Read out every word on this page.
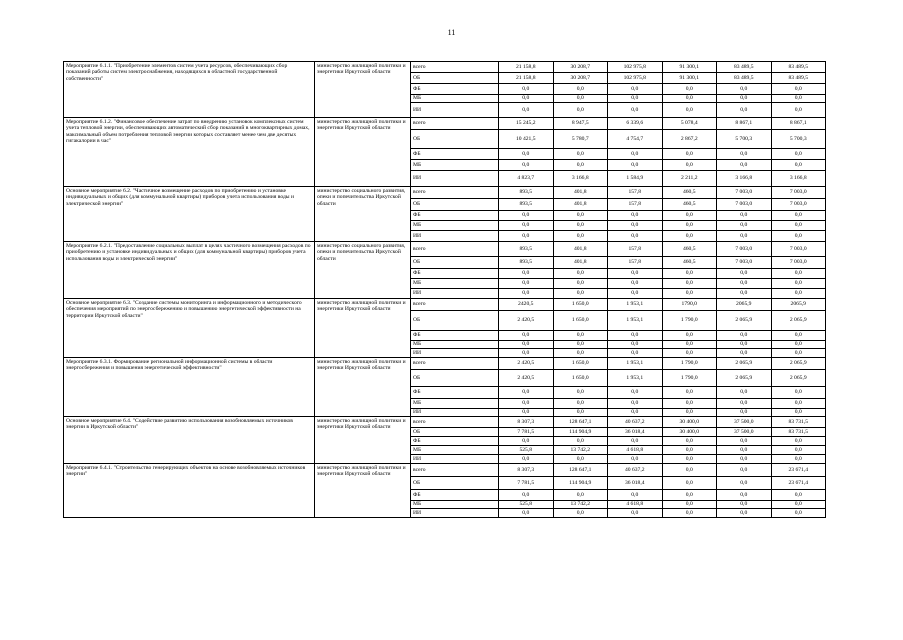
11
Мероприятие 6.1.1. "Приобретение элементов систем учета ресурсов, обеспечивающих сбор показаний работы систем электроснабжения, находящихся в областной государственной собственности"	министерство жилищной политики и энергетики Иркутской области	всего	21 158,8	30 208,7	102 975,8	91 300,1	83 489,5	83 489,5
		ОБ	21 158,8	30 208,7	102 975,8	91 300,1	83 489,5	83 489,5
		ФБ	0,0	0,0	0,0	0,0	0,0	0,0
		МБ	0,0	0,0	0,0	0,0	0,0	0,0
		ИИ	0,0	0,0	0,0	0,0	0,0	0,0
Мероприятие 6.1.2. "Финансовое обеспечение затрат по внедрению установок комплексных систем учета тепловой энергии, обеспечивающих автоматический сбор показаний в многоквартирных домах, максимальный объем потребления тепловой энергии которых составляет менее чем две десятых гигакалории в час"	министерство жилищной политики и энергетики Иркутской области	всего	15 245,2	8 947,5	6 339,6	5 078,4	8 867,1	8 867,1
		ОБ	10 421,5	5 780,7	4 754,7	2 867,2	5 700,3	5 700,3
		ФБ	0,0	0,0	0,0	0,0	0,0	0,0
		МБ	0,0	0,0	0,0	0,0	0,0	0,0
		ИИ	4 823,7	3 166,8	1 584,9	2 211,2	3 166,8	3 166,8
Основное мероприятие 6.2. "Частичное возмещение расходов по приобретению и установке индивидуальных и общих (для коммунальной квартиры) приборов учета использования воды и электрической энергии"	министерство социального развития, опеки и попечительства Иркутской области	всего	893,5	401,8	157,8	460,5	7 003,0	7 003,0
		ОБ	893,5	401,8	157,8	460,5	7 003,0	7 003,0
		ФБ	0,0	0,0	0,0	0,0	0,0	0,0
		МБ	0,0	0,0	0,0	0,0	0,0	0,0
		ИИ	0,0	0,0	0,0	0,0	0,0	0,0
Мероприятие 6.2.1. "Предоставление социальных выплат в целях частичного возмещения расходов по приобретению и установке индивидуальных и общих (для коммунальной квартиры) приборов учета использования воды и электрической энергии"	министерство социального развития, опеки и попечительства Иркутской области	всего	893,5	401,8	157,8	460,5	7 003,0	7 003,0
		ОБ	893,5	401,8	157,8	460,5	7 003,0	7 003,0
		ФБ	0,0	0,0	0,0	0,0	0,0	0,0
		МБ	0,0	0,0	0,0	0,0	0,0	0,0
		ИИ	0,0	0,0	0,0	0,0	0,0	0,0
Основное мероприятие 6.3. "Создание системы мониторинга и информационного и методического обеспечения мероприятий по энергосбережению и повышению энергетической эффективности на территории Иркутской области"	министерство жилищной политики и энергетики Иркутской области	всего	2420,5	1 650,0	1 953,1	1790,0	2065,9	2065,9
		ОБ	2 420,5	1 650,0	1 953,1	1 790,0	2 065,9	2 065,9
		ФБ	0,0	0,0	0,0	0,0	0,0	0,0
		МБ	0,0	0,0	0,0	0,0	0,0	0,0
		ИИ	0,0	0,0	0,0	0,0	0,0	0,0
Мероприятие 6.3.1. Формирование региональной информационной системы в области энергосбережения и повышения энергетической эффективности"	министерство жилищной политики и энергетики Иркутской области	всего	2 420,5	1 650,0	1 953,1	1 790,0	2 065,9	2 065,9
		ОБ	2 420,5	1 650,0	1 953,1	1 790,0	2 065,9	2 065,9
		ФБ	0,0	0,0	0,0	0,0	0,0	0,0
		МБ	0,0	0,0	0,0	0,0	0,0	0,0
		ИИ	0,0	0,0	0,0	0,0	0,0	0,0
Основное мероприятие 6.4. "Содействие развитию использования возобновляемых источников энергии в Иркутской области"	министерство жилищной политики и энергетики Иркутской области	всего	8 307,3	128 647,1	40 637,2	30 400,0	37 500,0	83 731,5
		ОБ	7 781,5	114 904,9	36 018,4	30 400,0	37 500,0	83 731,5
		ФБ	0,0	0,0	0,0	0,0	0,0	0,0
		МБ	525,8	13 742,2	4 618,8	0,0	0,0	0,0
		ИИ	0,0	0,0	0,0	0,0	0,0	0,0
Мероприятие 6.4.1. "Строительство генерирующих объектов на основе возобновляемых источников энергии"	министерство жилищной политики и энергетики Иркутской области	всего	8 307,3	128 647,1	40 637,2	0,0	0,0	23 671,4
		ОБ	7 781,5	114 904,9	36 018,4	0,0	0,0	23 671,4
		ФБ	0,0	0,0	0,0	0,0	0,0	0,0
		МБ	525,8	13 742,2	4 618,8	0,0	0,0	0,0
		ИИ	0,0	0,0	0,0	0,0	0,0	0,0
